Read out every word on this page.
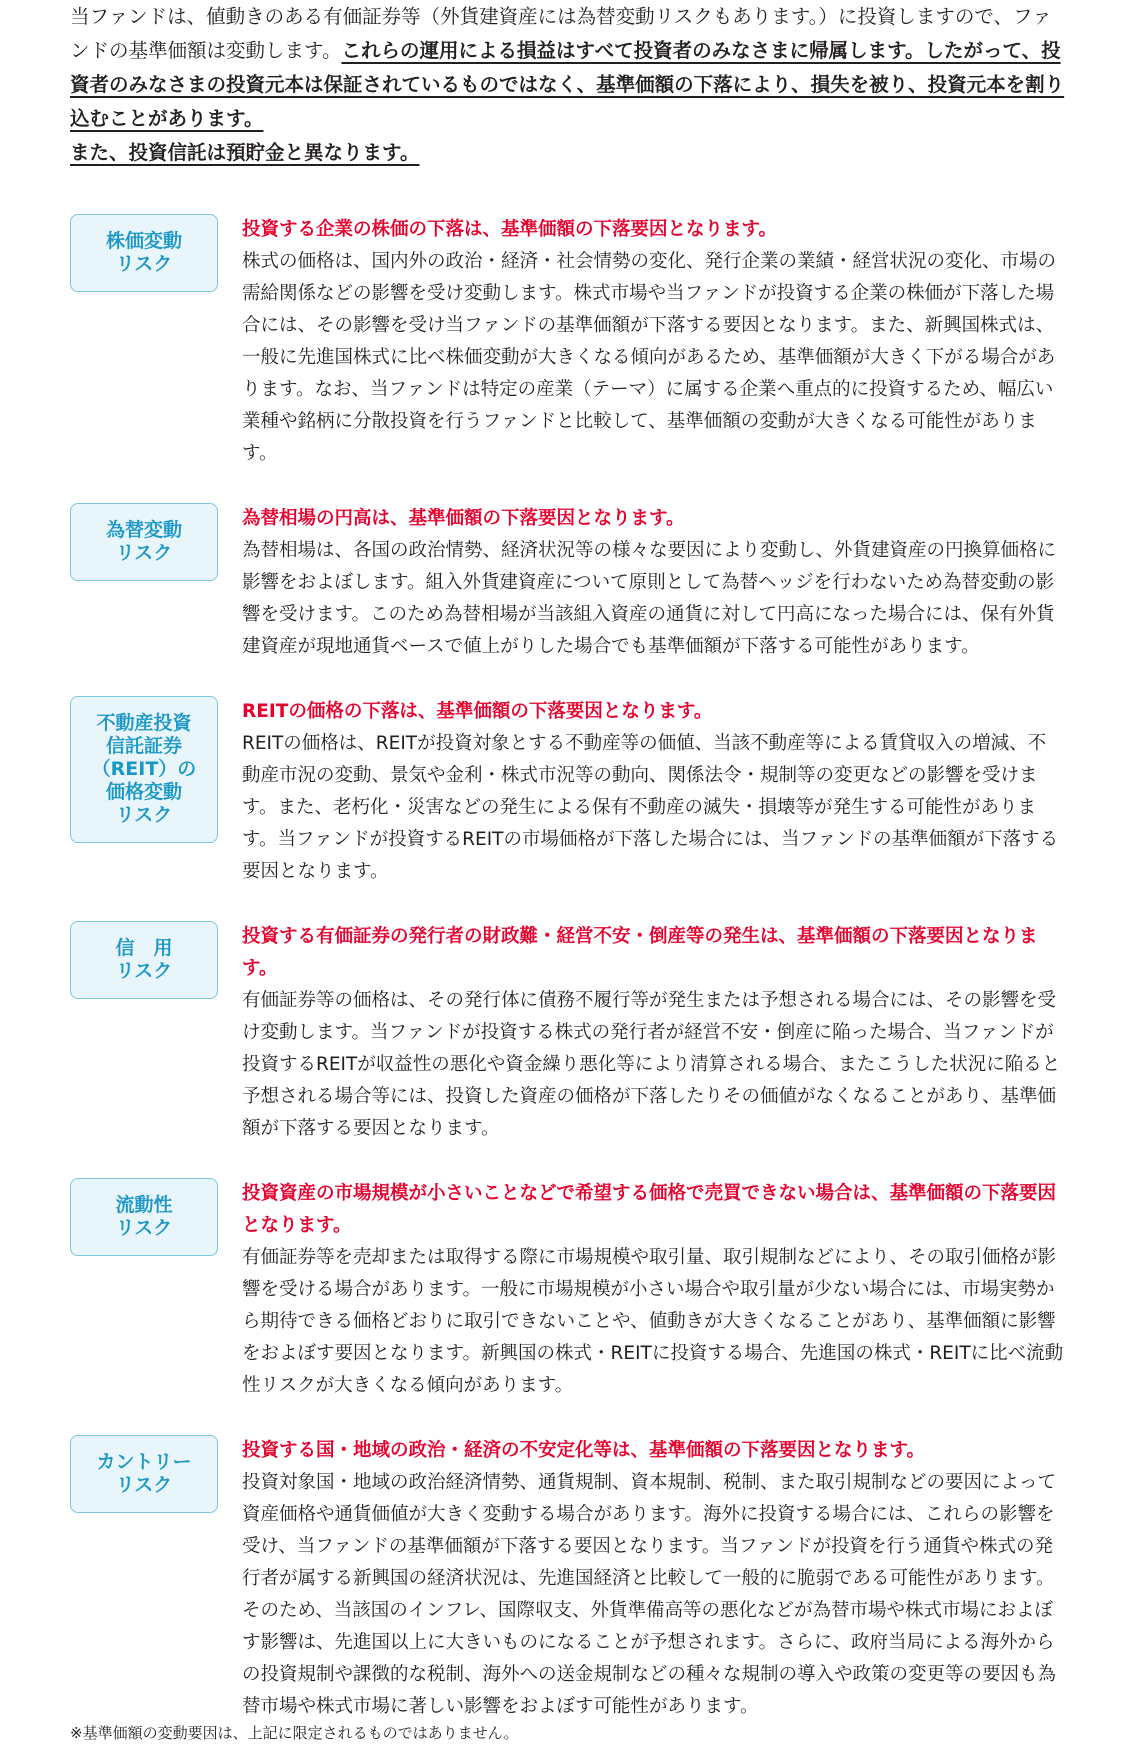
当ファンドは、値動きのある有価証券等（外貨建資産には為替変動リスクもあります。）に投資しますので、ファンドの基準価額は変動します。これらの運用による損益はすべて投資者のみなさまに帰属します。したがって、投資者のみなさまの投資元本は保証されているものではなく、基準価額の下落により、損失を被り、投資元本を割り込むことがあります。
また、投資信託は預貯金と異なります。
株価変動
リスク
投資する企業の株価の下落は、基準価額の下落要因となります。
株式の価格は、国内外の政治・経済・社会情勢の変化、発行企業の業績・経営状況の変化、市場の需給関係などの影響を受け変動します。株式市場や当ファンドが投資する企業の株価が下落した場合には、その影響を受け当ファンドの基準価額が下落する要因となります。また、新興国株式は、一般に先進国株式に比べ株価変動が大きくなる傾向があるため、基準価額が大きく下がる場合があります。なお、当ファンドは特定の産業（テーマ）に属する企業へ重点的に投資するため、幅広い業種や銘柄に分散投資を行うファンドと比較して、基準価額の変動が大きくなる可能性があります。
為替変動
リスク
為替相場の円高は、基準価額の下落要因となります。
為替相場は、各国の政治情勢、経済状況等の様々な要因により変動し、外貨建資産の円換算価格に影響をおよぼします。組入外貨建資産について原則として為替ヘッジを行わないため為替変動の影響を受けます。このため為替相場が当該組入資産の通貨に対して円高になった場合には、保有外貨建資産が現地通貨ベースで値上がりした場合でも基準価額が下落する可能性があります。
不動産投資
信託証券
（REIT）の
価格変動
リスク
REITの価格の下落は、基準価額の下落要因となります。
REITの価格は、REITが投資対象とする不動産等の価値、当該不動産等による賃貸収入の増減、不動産市況の変動、景気や金利・株式市況等の動向、関係法令・規制等の変更などの影響を受けます。また、老朽化・災害などの発生による保有不動産の滅失・損壊等が発生する可能性があります。当ファンドが投資するREITの市場価格が下落した場合には、当ファンドの基準価額が下落する要因となります。
信　用
リスク
投資する有価証券の発行者の財政難・経営不安・倒産等の発生は、基準価額の下落要因となります。
有価証券等の価格は、その発行体に債務不履行等が発生または予想される場合には、その影響を受け変動します。当ファンドが投資する株式の発行者が経営不安・倒産に陥った場合、当ファンドが投資するREITが収益性の悪化や資金繰り悪化等により清算される場合、またこうした状況に陥ると予想される場合等には、投資した資産の価格が下落したりその価値がなくなることがあり、基準価額が下落する要因となります。
流動性
リスク
投資資産の市場規模が小さいことなどで希望する価格で売買できない場合は、基準価額の下落要因となります。
有価証券等を売却または取得する際に市場規模や取引量、取引規制などにより、その取引価格が影響を受ける場合があります。一般に市場規模が小さい場合や取引量が少ない場合には、市場実勢から期待できる価格どおりに取引できないことや、値動きが大きくなることがあり、基準価額に影響をおよぼす要因となります。新興国の株式・REITに投資する場合、先進国の株式・REITに比べ流動性リスクが大きくなる傾向があります。
カントリー
リスク
投資する国・地域の政治・経済の不安定化等は、基準価額の下落要因となります。
投資対象国・地域の政治経済情勢、通貨規制、資本規制、税制、また取引規制などの要因によって資産価格や通貨価値が大きく変動する場合があります。海外に投資する場合には、これらの影響を受け、当ファンドの基準価額が下落する要因となります。当ファンドが投資を行う通貨や株式の発行者が属する新興国の経済状況は、先進国経済と比較して一般的に脆弱である可能性があります。そのため、当該国のインフレ、国際収支、外貨準備高等の悪化などが為替市場や株式市場におよぼす影響は、先進国以上に大きいものになることが予想されます。さらに、政府当局による海外からの投資規制や課徴的な税制、海外への送金規制などの種々な規制の導入や政策の変更等の要因も為替市場や株式市場に著しい影響をおよぼす可能性があります。
※基準価額の変動要因は、上記に限定されるものではありません。
